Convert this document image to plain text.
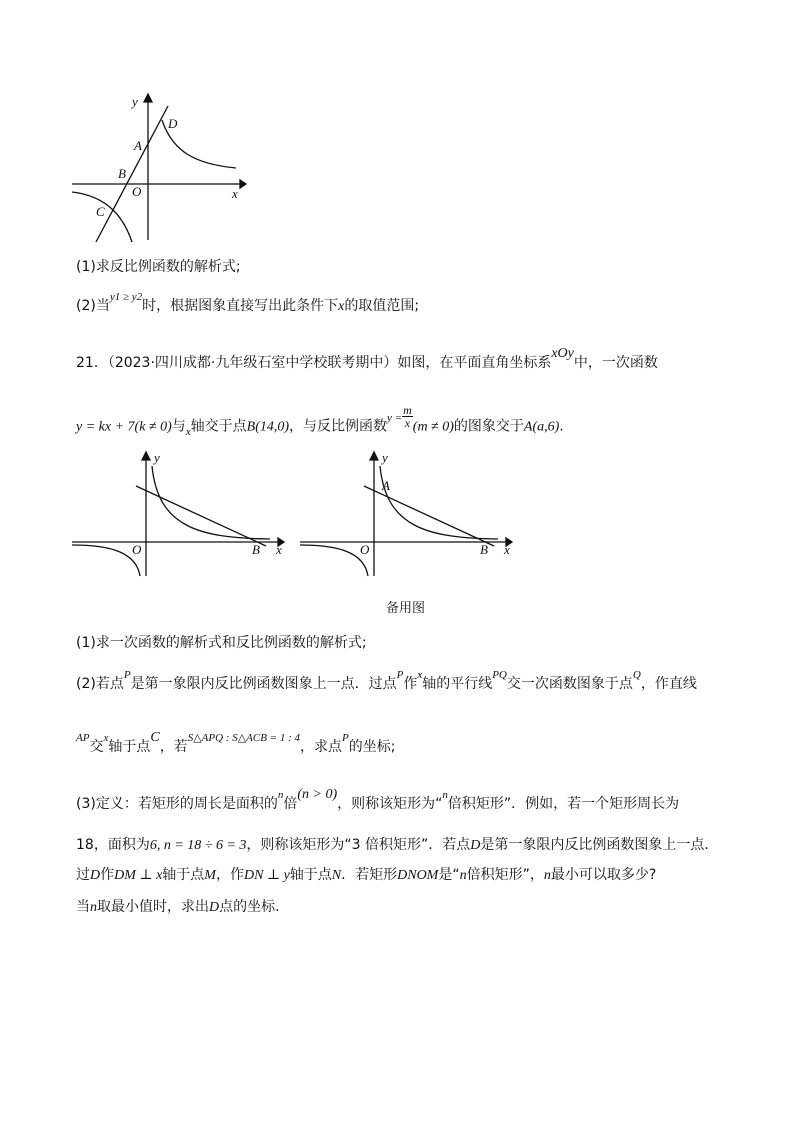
y
x
D
A
B
O
C
(1)求反比例函数的解析式;
(2)当$^{y1 \ge y2}$时，根据图象直接写出此条件下x的取值范围;
21．（2023·四川成都·九年级石室中学校联考期中）如图，在平面直角坐标系xOy中，一次函数
y = kx + 7(k ≠ 0)与$_x$轴交于点B(14,0)，与反比例函数$^{y =} \frac{m}{x} (m \ne 0)$的图象交于A(a,6).
y
x
O	B
y
x
O
A
B
备用图
(1)求一次函数的解析式和反比例函数的解析式;
(2)若点$^P$是第一象限内反比例函数图象上一点．过点$^P$作$^x$轴的平行线$^{PQ}$交一次函数图象于点$^Q$，作直线
$^{AP}$交$^x$轴于点C，若$^{S\triangle APQ : S\triangle ACB = 1 : 4}$，求点$^P$的坐标;
(3)定义：若矩形的周长是面积的$^n$倍(n > 0)，则称该矩形为“$^n$倍积矩形”．例如，若一个矩形周长为
18，面积为6, n = 18 ÷ 6 = 3，则称该矩形为“3 倍积矩形”．若点D是第一象限内反比例函数图象上一点．
过D作DM ⊥ x轴于点M，作DN ⊥ y轴于点N．若矩形DNOM是“n倍积矩形”，n最小可以取多少?
当n取最小值时，求出D点的坐标.
